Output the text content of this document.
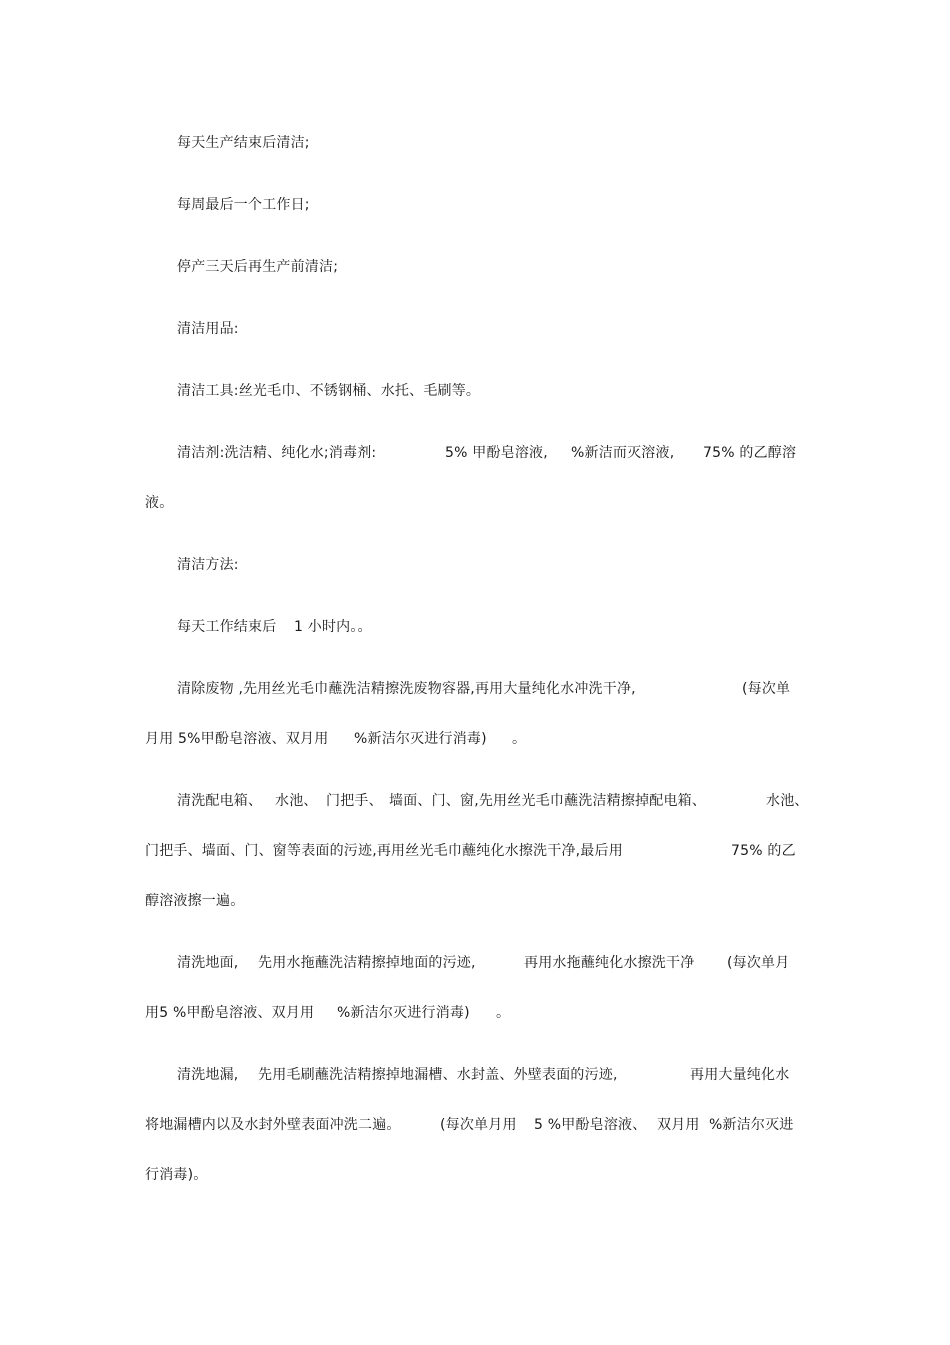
每天生产结束后清洁;
每周最后一个工作日;
停产三天后再生产前清洁;
清洁用品:
清洁工具:丝光毛巾、不锈钢桶、水托、毛刷等。
清洁剂:洗洁精、纯化水;消毒剂:	5% 甲酚皂溶液, %新洁而灭溶液, 75% 的乙醇溶
液。
清洁方法:
每天工作结束后 1 小时内。。
清除废物 ,先用丝光毛巾蘸洗洁精擦洗废物容器,再用大量纯化水冲洗干净,	(每次单
月用 5%甲酚皂溶液、双月用 %新洁尔灭进行消毒) 。
清洗配电箱、 水池、 门把手、 墙面、门、窗,先用丝光毛巾蘸洗洁精擦掉配电箱、	水池、
门把手、墙面、门、窗等表面的污迹,再用丝光毛巾蘸纯化水擦洗干净,最后用	75% 的乙
醇溶液擦一遍。
清洗地面, 先用水拖蘸洗洁精擦掉地面的污迹,	再用水拖蘸纯化水擦洗干净 (每次单月
用5 %甲酚皂溶液、双月用 %新洁尔灭进行消毒) 。
清洗地漏, 先用毛刷蘸洗洁精擦掉地漏槽、水封盖、外壁表面的污迹,	再用大量纯化水
将地漏槽内以及水封外壁表面冲洗二遍。	(每次单月用 5 %甲酚皂溶液、 双月用 %新洁尔灭进
行消毒)。
